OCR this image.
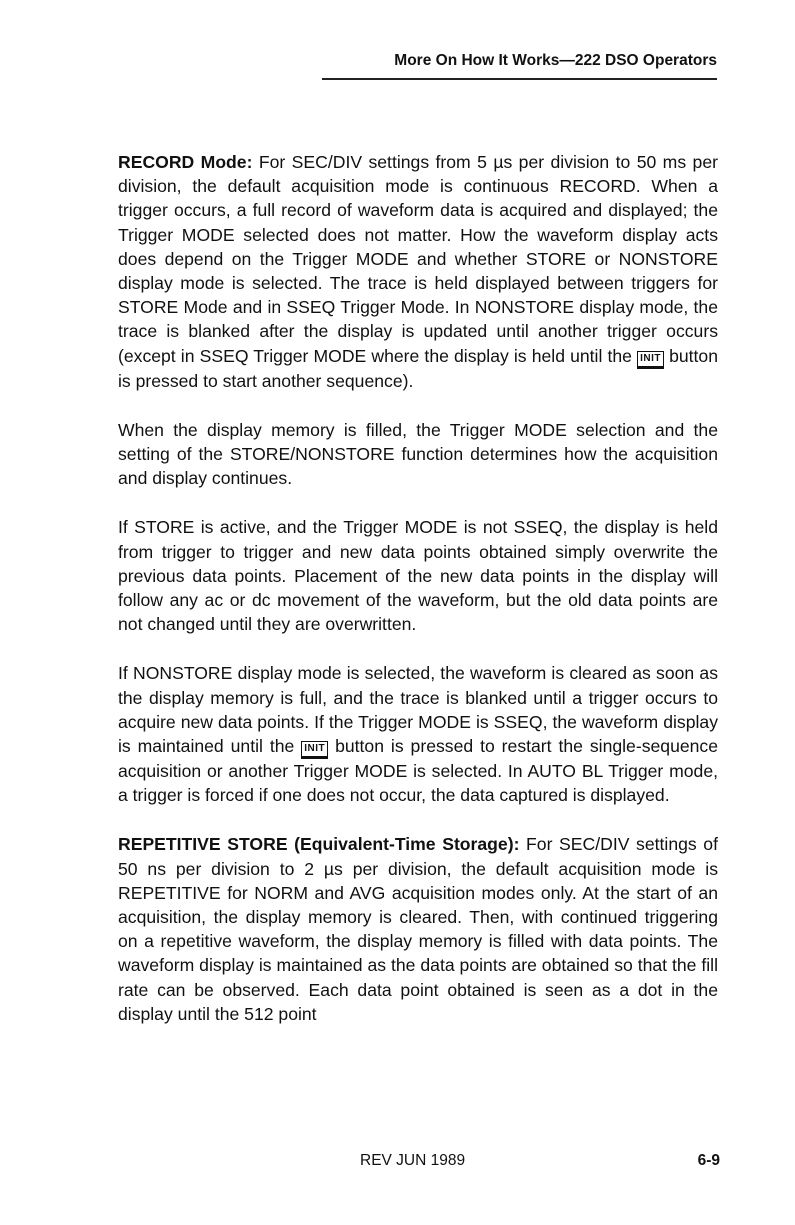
More On How It Works—222 DSO Operators

RECORD Mode: For SEC/DIV settings from 5 µs per division to 50 ms per division, the default acquisition mode is continuous RECORD. When a trigger occurs, a full record of waveform data is acquired and displayed; the Trigger MODE selected does not matter. How the waveform display acts does depend on the Trigger MODE and whether STORE or NONSTORE display mode is selected. The trace is held displayed between triggers for STORE Mode and in SSEQ Trigger Mode. In NONSTORE display mode, the trace is blanked after the display is updated until another trigger occurs (except in SSEQ Trigger MODE where the display is held until the INIT button is pressed to start another sequence).

When the display memory is filled, the Trigger MODE selection and the setting of the STORE/NONSTORE function determines how the acquisition and display continues.

If STORE is active, and the Trigger MODE is not SSEQ, the display is held from trigger to trigger and new data points obtained simply overwrite the previous data points. Placement of the new data points in the display will follow any ac or dc movement of the waveform, but the old data points are not changed until they are overwritten.

If NONSTORE display mode is selected, the waveform is cleared as soon as the display memory is full, and the trace is blanked until a trigger occurs to acquire new data points. If the Trigger MODE is SSEQ, the waveform display is maintained until the INIT button is pressed to restart the single-sequence acquisition or another Trigger MODE is selected. In AUTO BL Trigger mode, a trigger is forced if one does not occur, the data captured is displayed.

REPETITIVE STORE (Equivalent-Time Storage): For SEC/DIV settings of 50 ns per division to 2 µs per division, the default acquisition mode is REPETITIVE for NORM and AVG acquisition modes only. At the start of an acquisition, the display memory is cleared. Then, with continued triggering on a repetitive waveform, the display memory is filled with data points. The waveform display is maintained as the data points are obtained so that the fill rate can be observed. Each data point obtained is seen as a dot in the display until the 512 point

REV JUN 1989	6-9
